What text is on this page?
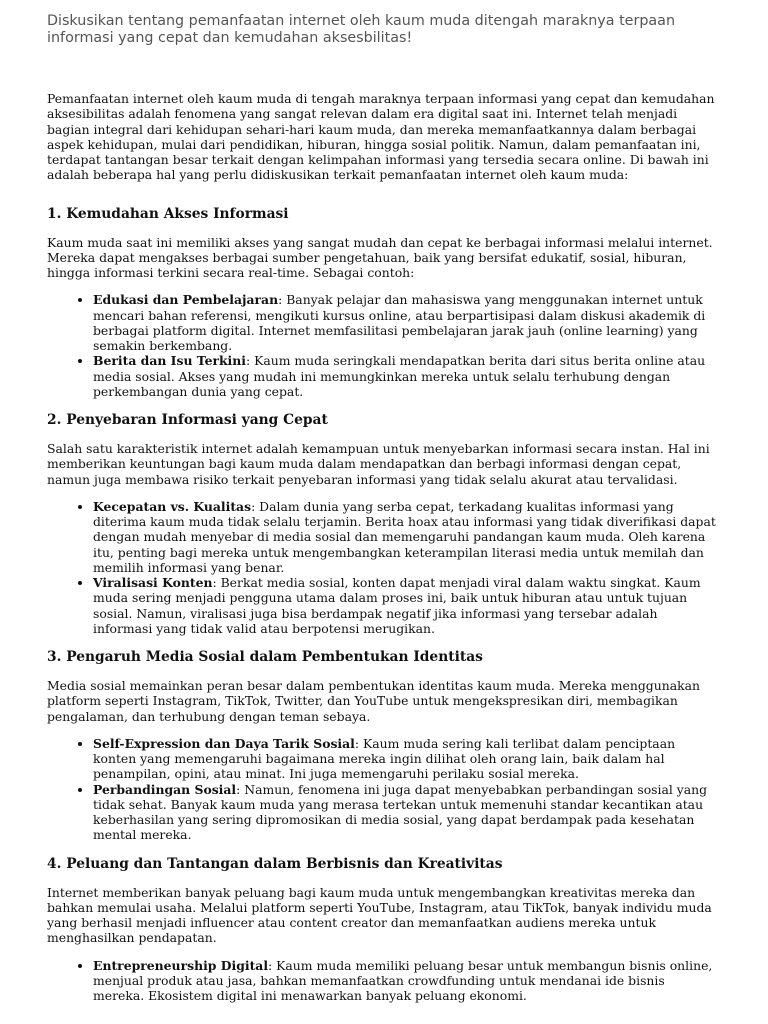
Diskusikan tentang pemanfaatan internet oleh kaum muda ditengah maraknya terpaan informasi yang cepat dan kemudahan aksesbilitas!

Pemanfaatan internet oleh kaum muda di tengah maraknya terpaan informasi yang cepat dan kemudahan aksesibilitas adalah fenomena yang sangat relevan dalam era digital saat ini. Internet telah menjadi bagian integral dari kehidupan sehari-hari kaum muda, dan mereka memanfaatkannya dalam berbagai aspek kehidupan, mulai dari pendidikan, hiburan, hingga sosial politik. Namun, dalam pemanfaatan ini, terdapat tantangan besar terkait dengan kelimpahan informasi yang tersedia secara online. Di bawah ini adalah beberapa hal yang perlu didiskusikan terkait pemanfaatan internet oleh kaum muda:

1. Kemudahan Akses Informasi

Kaum muda saat ini memiliki akses yang sangat mudah dan cepat ke berbagai informasi melalui internet. Mereka dapat mengakses berbagai sumber pengetahuan, baik yang bersifat edukatif, sosial, hiburan, hingga informasi terkini secara real-time. Sebagai contoh:

• Edukasi dan Pembelajaran: Banyak pelajar dan mahasiswa yang menggunakan internet untuk mencari bahan referensi, mengikuti kursus online, atau berpartisipasi dalam diskusi akademik di berbagai platform digital. Internet memfasilitasi pembelajaran jarak jauh (online learning) yang semakin berkembang.
• Berita dan Isu Terkini: Kaum muda seringkali mendapatkan berita dari situs berita online atau media sosial. Akses yang mudah ini memungkinkan mereka untuk selalu terhubung dengan perkembangan dunia yang cepat.
2. Penyebaran Informasi yang Cepat

Salah satu karakteristik internet adalah kemampuan untuk menyebarkan informasi secara instan. Hal ini memberikan keuntungan bagi kaum muda dalam mendapatkan dan berbagi informasi dengan cepat, namun juga membawa risiko terkait penyebaran informasi yang tidak selalu akurat atau tervalidasi.

• Kecepatan vs. Kualitas: Dalam dunia yang serba cepat, terkadang kualitas informasi yang diterima kaum muda tidak selalu terjamin. Berita hoax atau informasi yang tidak diverifikasi dapat dengan mudah menyebar di media sosial dan memengaruhi pandangan kaum muda. Oleh karena itu, penting bagi mereka untuk mengembangkan keterampilan literasi media untuk memilah dan memilih informasi yang benar.
• Viralisasi Konten: Berkat media sosial, konten dapat menjadi viral dalam waktu singkat. Kaum muda sering menjadi pengguna utama dalam proses ini, baik untuk hiburan atau untuk tujuan sosial. Namun, viralisasi juga bisa berdampak negatif jika informasi yang tersebar adalah informasi yang tidak valid atau berpotensi merugikan.
3. Pengaruh Media Sosial dalam Pembentukan Identitas

Media sosial memainkan peran besar dalam pembentukan identitas kaum muda. Mereka menggunakan platform seperti Instagram, TikTok, Twitter, dan YouTube untuk mengekspresikan diri, membagikan pengalaman, dan terhubung dengan teman sebaya.

• Self-Expression dan Daya Tarik Sosial: Kaum muda sering kali terlibat dalam penciptaan konten yang memengaruhi bagaimana mereka ingin dilihat oleh orang lain, baik dalam hal penampilan, opini, atau minat. Ini juga memengaruhi perilaku sosial mereka.
• Perbandingan Sosial: Namun, fenomena ini juga dapat menyebabkan perbandingan sosial yang tidak sehat. Banyak kaum muda yang merasa tertekan untuk memenuhi standar kecantikan atau keberhasilan yang sering dipromosikan di media sosial, yang dapat berdampak pada kesehatan mental mereka.
4. Peluang dan Tantangan dalam Berbisnis dan Kreativitas

Internet memberikan banyak peluang bagi kaum muda untuk mengembangkan kreativitas mereka dan bahkan memulai usaha. Melalui platform seperti YouTube, Instagram, atau TikTok, banyak individu muda yang berhasil menjadi influencer atau content creator dan memanfaatkan audiens mereka untuk menghasilkan pendapatan.

• Entrepreneurship Digital: Kaum muda memiliki peluang besar untuk membangun bisnis online, menjual produk atau jasa, bahkan memanfaatkan crowdfunding untuk mendanai ide bisnis mereka. Ekosistem digital ini menawarkan banyak peluang ekonomi.
